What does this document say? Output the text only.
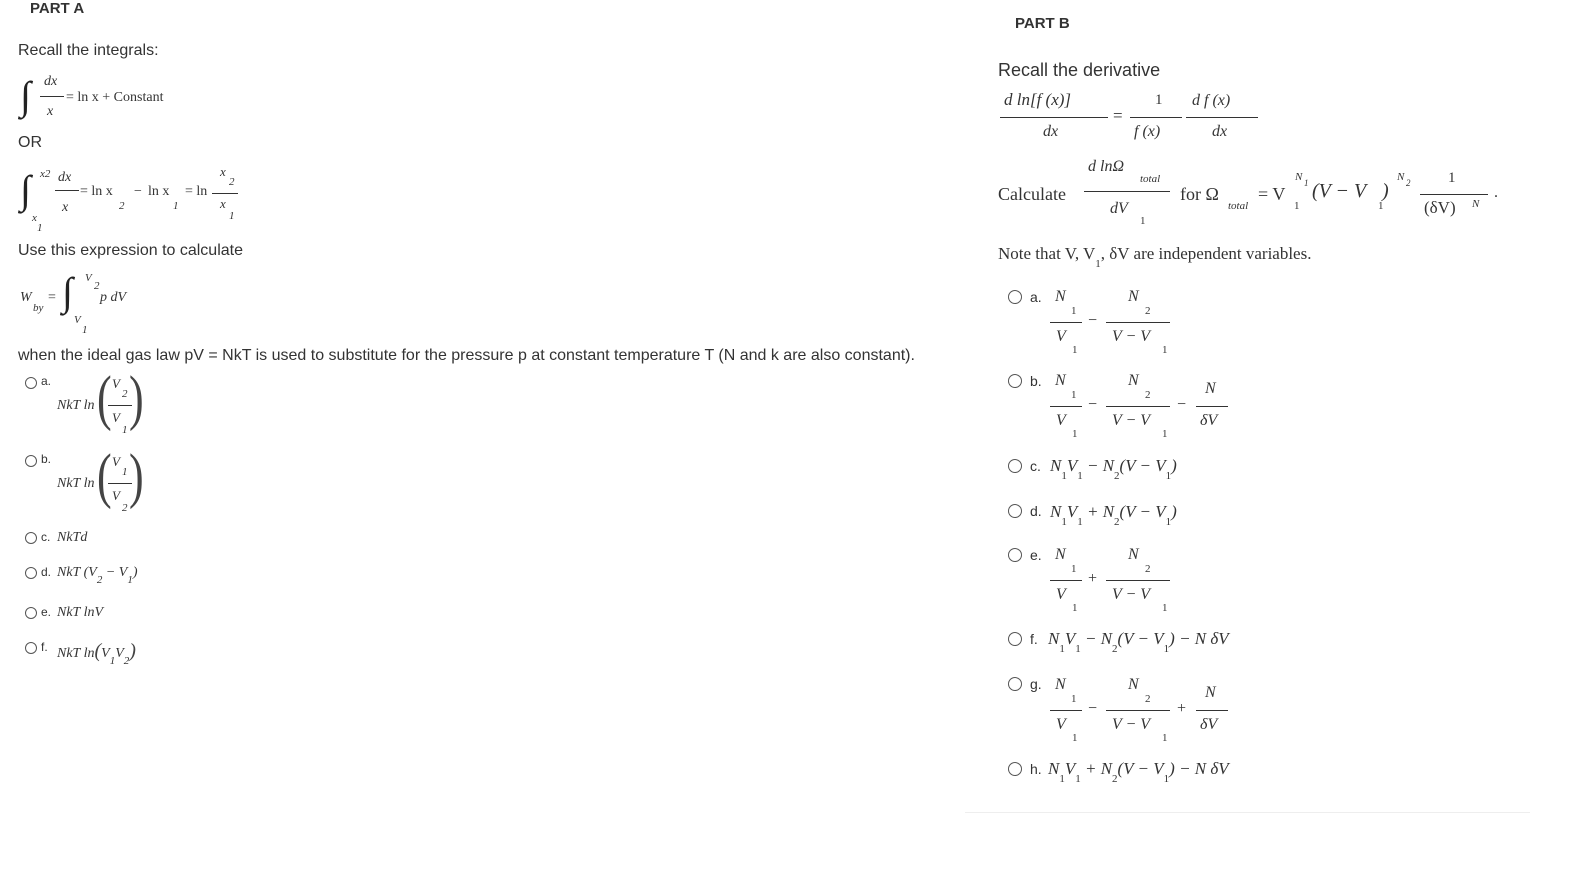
PART A
Recall the integrals:
∫ dx
x
= ln x + Constant
OR
∫ x2
x
1
dx
x
= ln x
2
− ln x
1
= ln
x
2
x
1
Use this expression to calculate
W
by
= ∫ V
2
V
1
p dV
when the ideal gas law pV = NkT is used to substitute for the pressure p at constant temperature T (N and k are also constant).
a.
NkT ln ( V
2
V
1 )
b.
NkT ln ( V
1
V
2 )
c. NkTd
d. NkT $(V_2 - V_1)$
e. NkT lnV
f. NkT $\ln(V_1V_2)$
PART B
Recall the derivative
d ln[f (x)]
dx
=
1
f (x)
d f (x)
dx
Calculate
d lnΩ
total
dV
1
for Ω
total
= V
N 1
1
(V − V
1
)
N 2	1
(δV) N
.
Note that V, $V_1$, δV are independent variables.
a. N
1
V
1
−
N
2
V − V
1
b. N
1
V
1
−
N
2
V − V
1
−
N
δV
c. $N_1V_1 - N_2(V - V_1)$
d. $N_1V_1 + N_2(V - V_1)$
e. N
1
V
1
+
N
2
V − V
1
f. $N_1V_1 - N_2(V - V_1) - N$ δV
g. N
1
V
1
−
N
2
V − V
1
+
N
δV
h. $N_1V_1 + N_2(V - V_1) - N$ δV
